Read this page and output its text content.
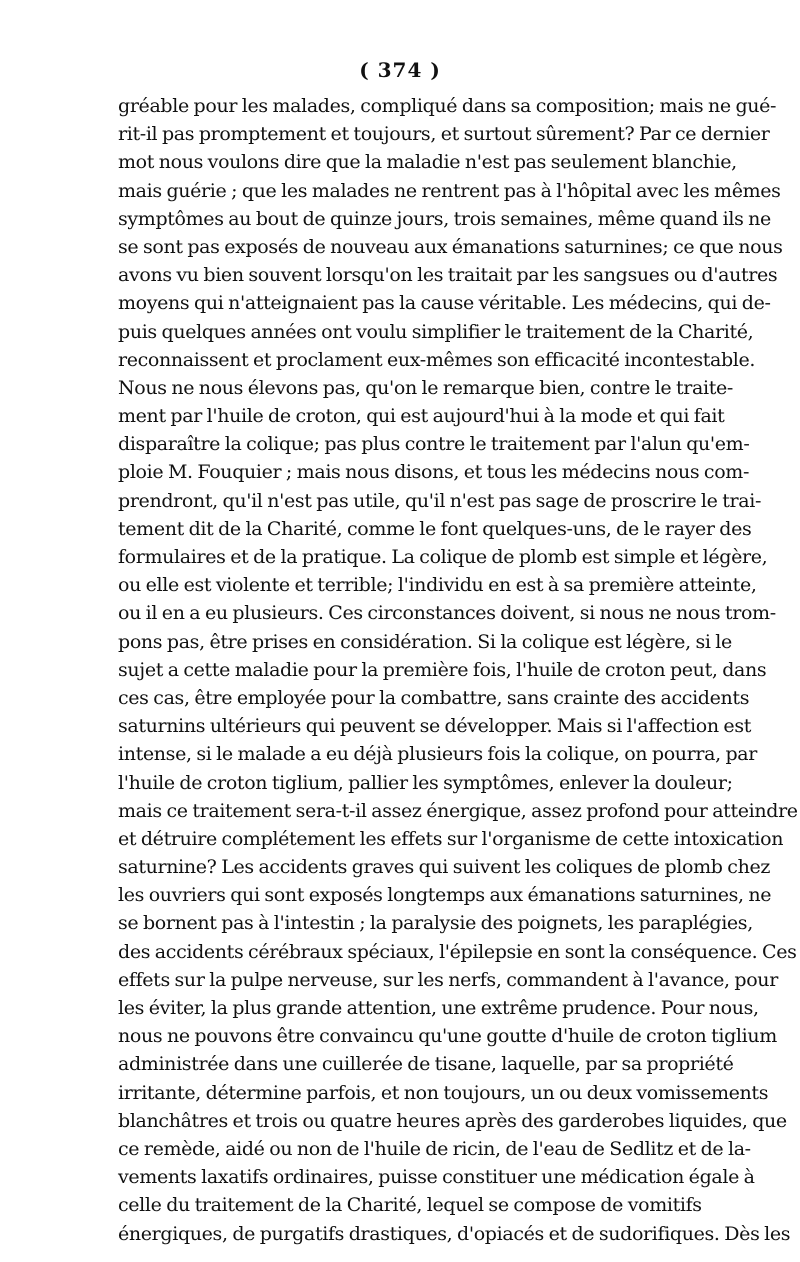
( 374 )
gréable pour les malades, compliqué dans sa composition; mais ne gué-
rit-il pas promptement et toujours, et surtout sûrement? Par ce dernier
mot nous voulons dire que la maladie n'est pas seulement blanchie,
mais guérie ; que les malades ne rentrent pas à l'hôpital avec les mêmes
symptômes au bout de quinze jours, trois semaines, même quand ils ne
se sont pas exposés de nouveau aux émanations saturnines; ce que nous
avons vu bien souvent lorsqu'on les traitait par les sangsues ou d'autres
moyens qui n'atteignaient pas la cause véritable. Les médecins, qui de-
puis quelques années ont voulu simplifier le traitement de la Charité,
reconnaissent et proclament eux-mêmes son efficacité incontestable.
Nous ne nous élevons pas, qu'on le remarque bien, contre le traite-
ment par l'huile de croton, qui est aujourd'hui à la mode et qui fait
disparaître la colique; pas plus contre le traitement par l'alun qu'em-
ploie M. Fouquier ; mais nous disons, et tous les médecins nous com-
prendront, qu'il n'est pas utile, qu'il n'est pas sage de proscrire le trai-
tement dit de la Charité, comme le font quelques-uns, de le rayer des
formulaires et de la pratique. La colique de plomb est simple et légère,
ou elle est violente et terrible; l'individu en est à sa première atteinte,
ou il en a eu plusieurs. Ces circonstances doivent, si nous ne nous trom-
pons pas, être prises en considération. Si la colique est légère, si le
sujet a cette maladie pour la première fois, l'huile de croton peut, dans
ces cas, être employée pour la combattre, sans crainte des accidents
saturnins ultérieurs qui peuvent se développer. Mais si l'affection est
intense, si le malade a eu déjà plusieurs fois la colique, on pourra, par
l'huile de croton tiglium, pallier les symptômes, enlever la douleur;
mais ce traitement sera-t-il assez énergique, assez profond pour atteindre
et détruire complétement les effets sur l'organisme de cette intoxication
saturnine? Les accidents graves qui suivent les coliques de plomb chez
les ouvriers qui sont exposés longtemps aux émanations saturnines, ne
se bornent pas à l'intestin ; la paralysie des poignets, les paraplégies,
des accidents cérébraux spéciaux, l'épilepsie en sont la conséquence. Ces
effets sur la pulpe nerveuse, sur les nerfs, commandent à l'avance, pour
les éviter, la plus grande attention, une extrême prudence. Pour nous,
nous ne pouvons être convaincu qu'une goutte d'huile de croton tiglium
administrée dans une cuillerée de tisane, laquelle, par sa propriété
irritante, détermine parfois, et non toujours, un ou deux vomissements
blanchâtres et trois ou quatre heures après des garderobes liquides, que
ce remède, aidé ou non de l'huile de ricin, de l'eau de Sedlitz et de la-
vements laxatifs ordinaires, puisse constituer une médication égale à
celle du traitement de la Charité, lequel se compose de vomitifs
énergiques, de purgatifs drastiques, d'opiacés et de sudorifiques. Dès les
